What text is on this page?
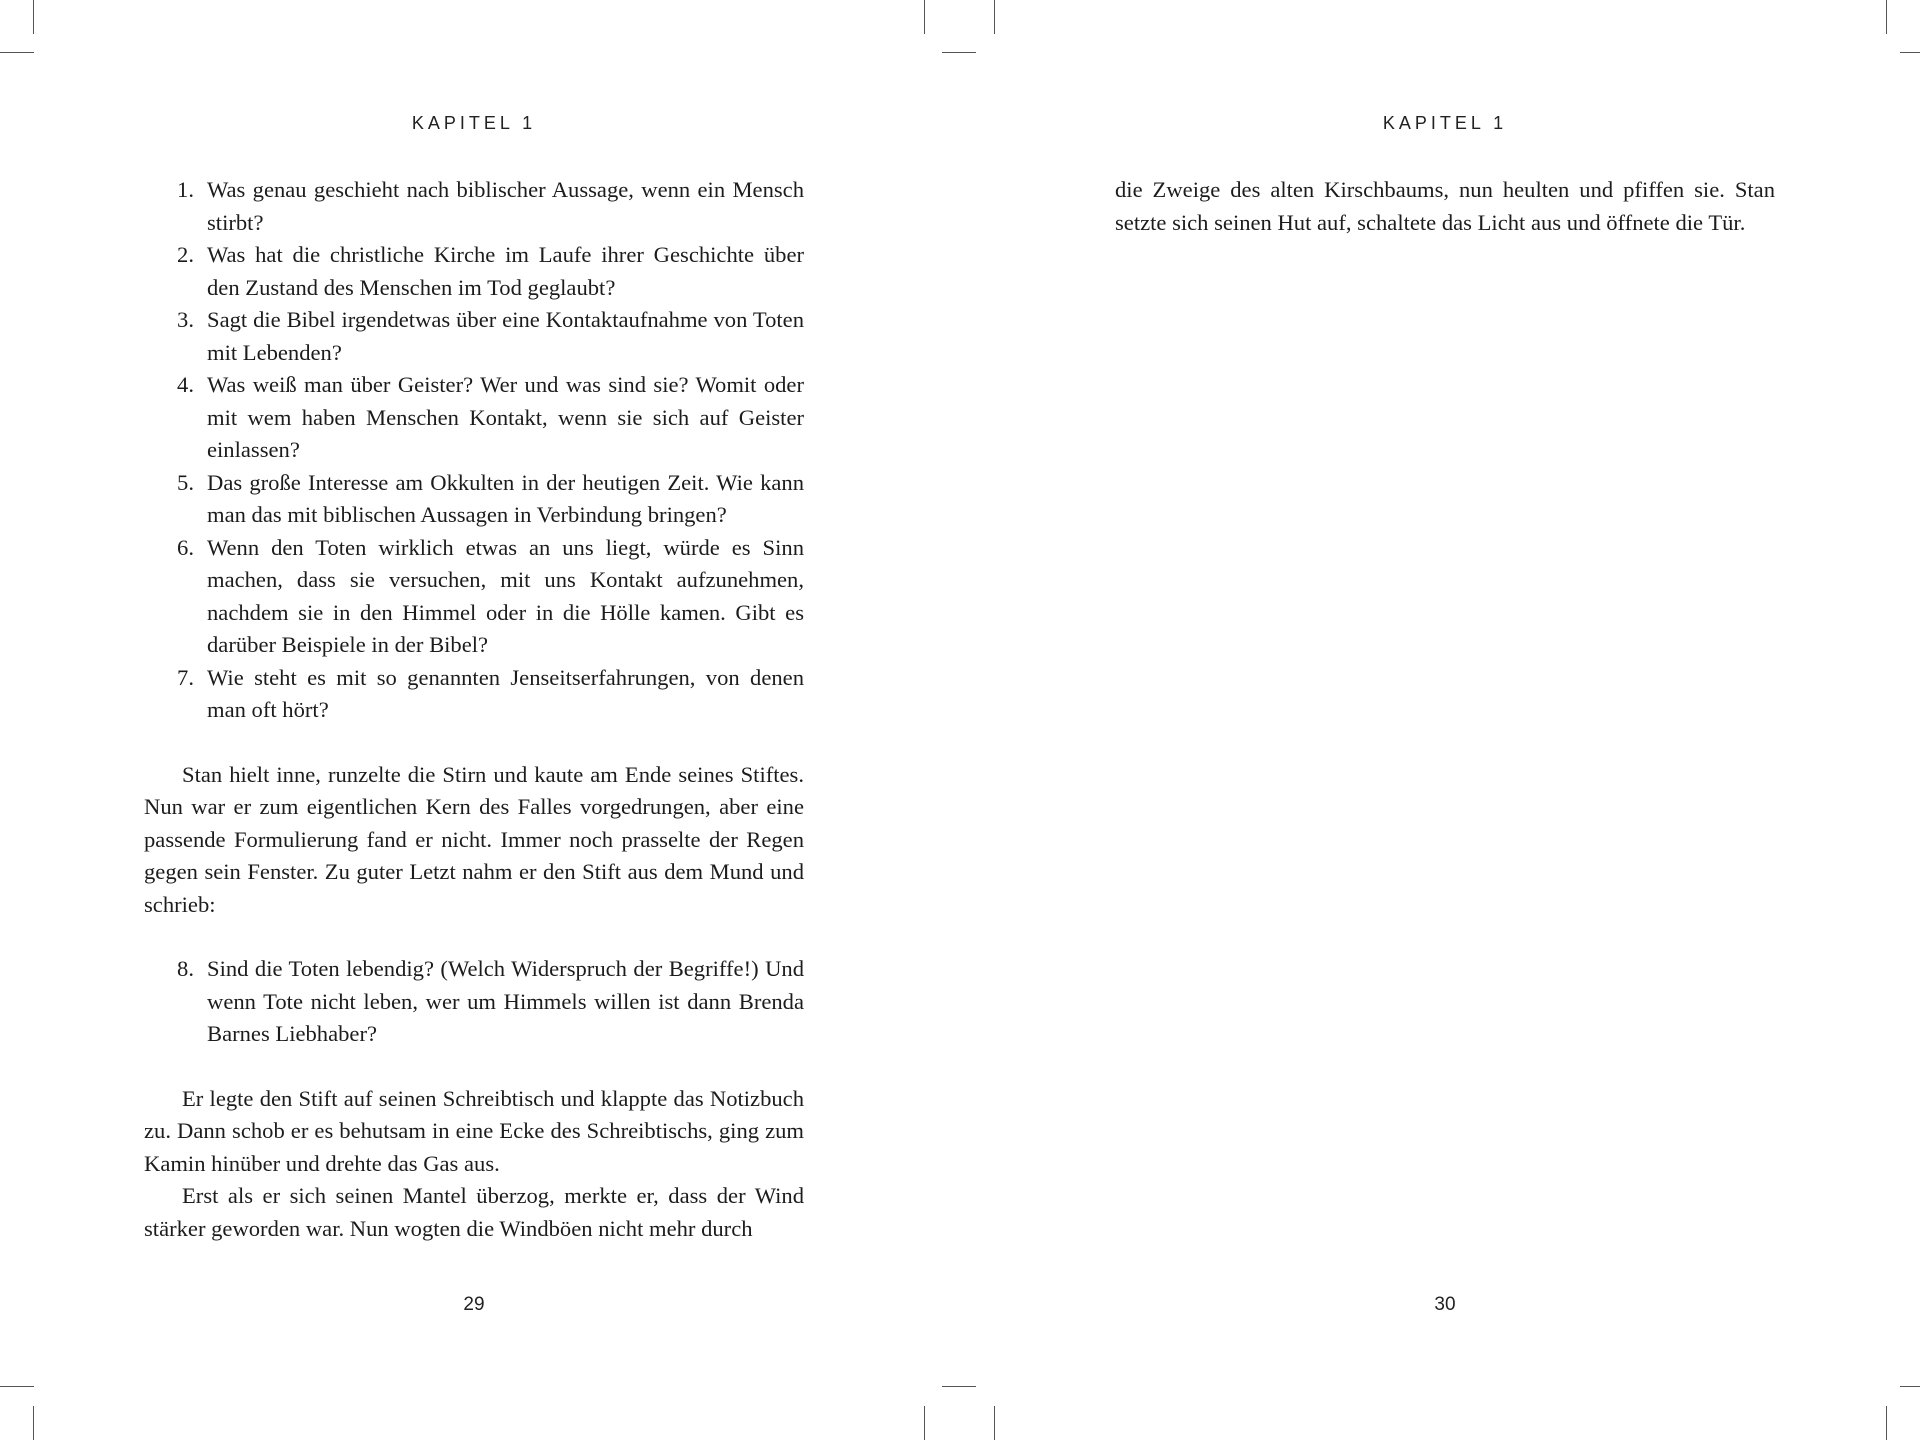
KAPITEL 1
1. Was genau geschieht nach biblischer Aussage, wenn ein Mensch stirbt?
2. Was hat die christliche Kirche im Laufe ihrer Geschichte über den Zustand des Menschen im Tod geglaubt?
3. Sagt die Bibel irgendetwas über eine Kontaktaufnahme von Toten mit Lebenden?
4. Was weiß man über Geister? Wer und was sind sie? Womit oder mit wem haben Menschen Kontakt, wenn sie sich auf Geister einlassen?
5. Das große Interesse am Okkulten in der heutigen Zeit. Wie kann man das mit biblischen Aussagen in Verbindung bringen?
6. Wenn den Toten wirklich etwas an uns liegt, würde es Sinn machen, dass sie versuchen, mit uns Kontakt aufzunehmen, nachdem sie in den Himmel oder in die Hölle kamen. Gibt es darüber Beispiele in der Bibel?
7. Wie steht es mit so genannten Jenseitserfahrungen, von denen man oft hört?

Stan hielt inne, runzelte die Stirn und kaute am Ende seines Stiftes. Nun war er zum eigentlichen Kern des Falles vorgedrungen, aber eine passende Formulierung fand er nicht. Immer noch prasselte der Regen gegen sein Fenster. Zu guter Letzt nahm er den Stift aus dem Mund und schrieb:

8. Sind die Toten lebendig? (Welch Widerspruch der Begriffe!) Und wenn Tote nicht leben, wer um Himmels willen ist dann Brenda Barnes Liebhaber?

Er legte den Stift auf seinen Schreibtisch und klappte das Notizbuch zu. Dann schob er es behutsam in eine Ecke des Schreibtischs, ging zum Kamin hinüber und drehte das Gas aus.

Erst als er sich seinen Mantel überzog, merkte er, dass der Wind stärker geworden war. Nun wogten die Windböen nicht mehr durch

29
KAPITEL 1

die Zweige des alten Kirschbaums, nun heulten und pfiffen sie. Stan setzte sich seinen Hut auf, schaltete das Licht aus und öffnete die Tür.

30
